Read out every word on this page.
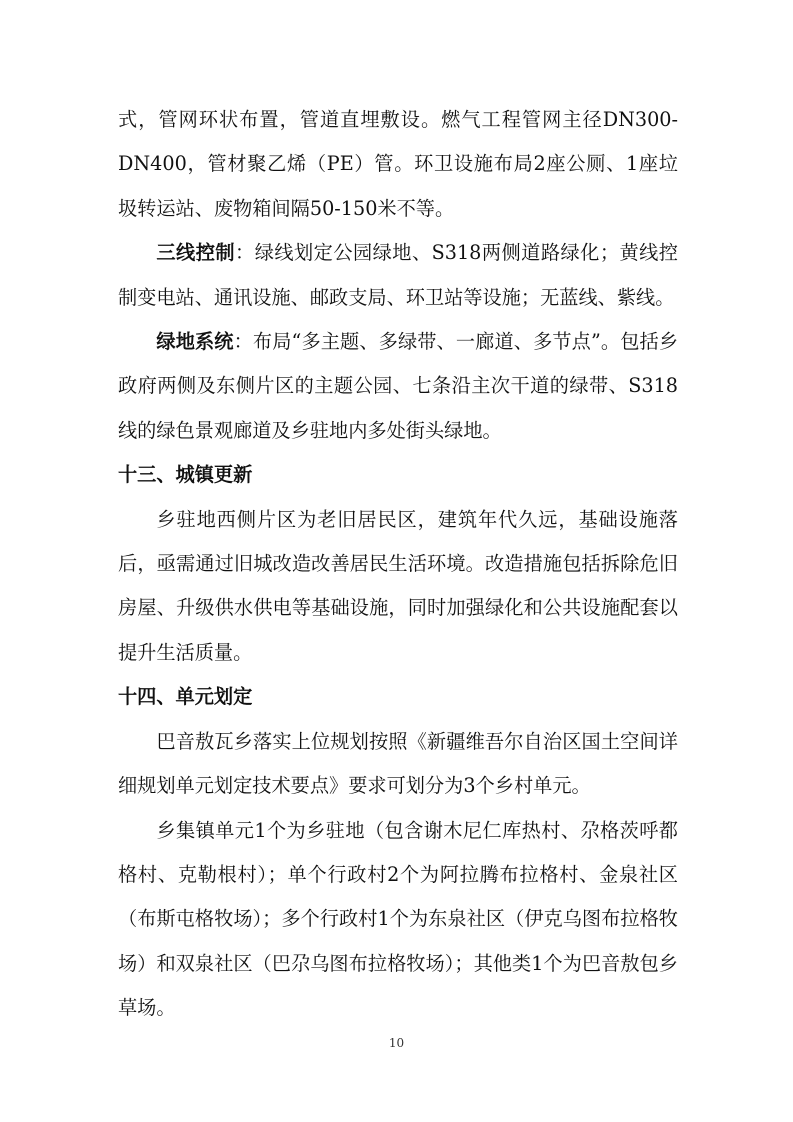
式，管网环状布置，管道直埋敷设。燃气工程管网主径DN300-DN400，管材聚乙烯（PE）管。环卫设施布局2座公厕、1座垃圾转运站、废物箱间隔50-150米不等。

三线控制：绿线划定公园绿地、S318两侧道路绿化；黄线控制变电站、通讯设施、邮政支局、环卫站等设施；无蓝线、紫线。

绿地系统：布局“多主题、多绿带、一廊道、多节点”。包括乡政府两侧及东侧片区的主题公园、七条沿主次干道的绿带、S318线的绿色景观廊道及乡驻地内多处街头绿地。

十三、城镇更新

乡驻地西侧片区为老旧居民区，建筑年代久远，基础设施落后，亟需通过旧城改造改善居民生活环境。改造措施包括拆除危旧房屋、升级供水供电等基础设施，同时加强绿化和公共设施配套以提升生活质量。

十四、单元划定

巴音敖瓦乡落实上位规划按照《新疆维吾尔自治区国土空间详细规划单元划定技术要点》要求可划分为3个乡村单元。

乡集镇单元1个为乡驻地（包含谢木尼仁库热村、尕格茨呼都格村、克勒根村）；单个行政村2个为阿拉腾布拉格村、金泉社区（布斯屯格牧场）；多个行政村1个为东泉社区（伊克乌图布拉格牧场）和双泉社区（巴尕乌图布拉格牧场）；其他类1个为巴音敖包乡草场。

10
